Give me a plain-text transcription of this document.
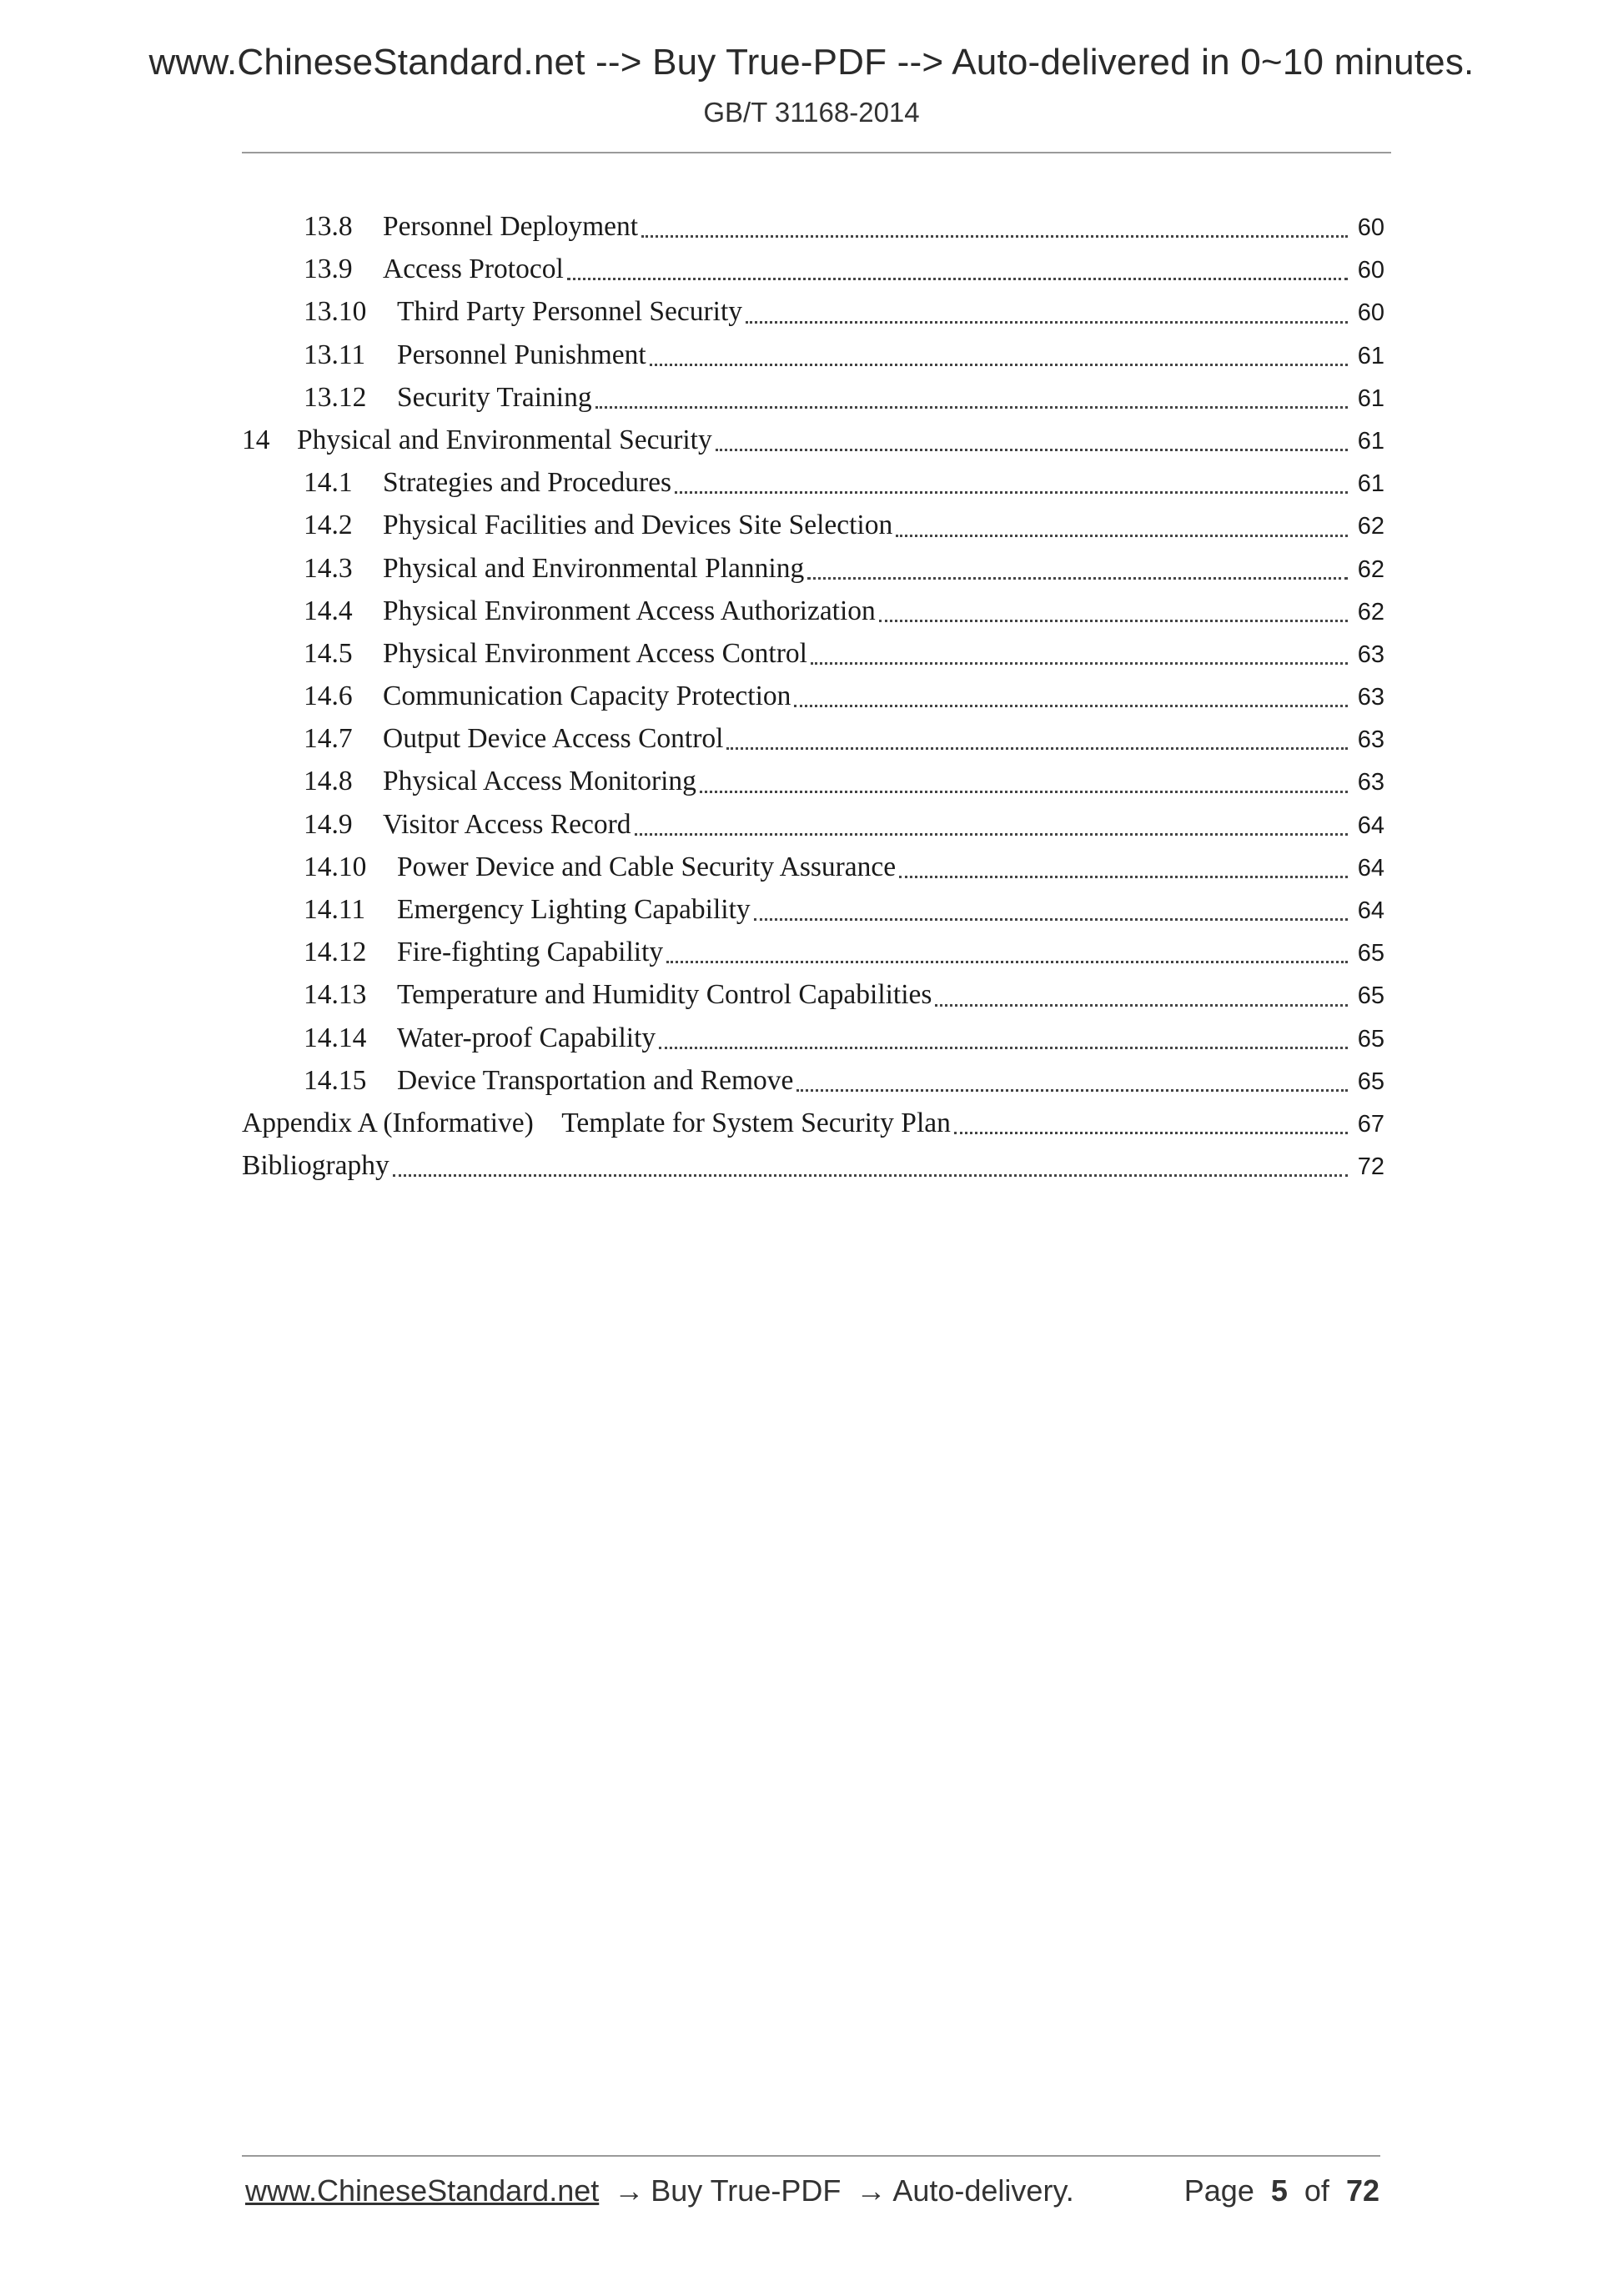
www.ChineseStandard.net --> Buy True-PDF --> Auto-delivered in 0~10 minutes.
GB/T 31168-2014
13.8	Personnel Deployment	60
13.9	Access Protocol	60
13.10	Third Party Personnel Security	60
13.11	Personnel Punishment	61
13.12	Security Training	61
14 Physical and Environmental Security	61
14.1	Strategies and Procedures	61
14.2	Physical Facilities and Devices Site Selection	62
14.3	Physical and Environmental Planning	62
14.4	Physical Environment Access Authorization	62
14.5	Physical Environment Access Control	63
14.6	Communication Capacity Protection	63
14.7	Output Device Access Control	63
14.8	Physical Access Monitoring	63
14.9	Visitor Access Record	64
14.10	Power Device and Cable Security Assurance	64
14.11	Emergency Lighting Capability	64
14.12	Fire-fighting Capability	65
14.13	Temperature and Humidity Control Capabilities	65
14.14	Water-proof Capability	65
14.15	Device Transportation and Remove	65
Appendix A (Informative) Template for System Security Plan	67
Bibliography	72
www.ChineseStandard.net → Buy True-PDF → Auto-delivery.	Page 5 of 72
